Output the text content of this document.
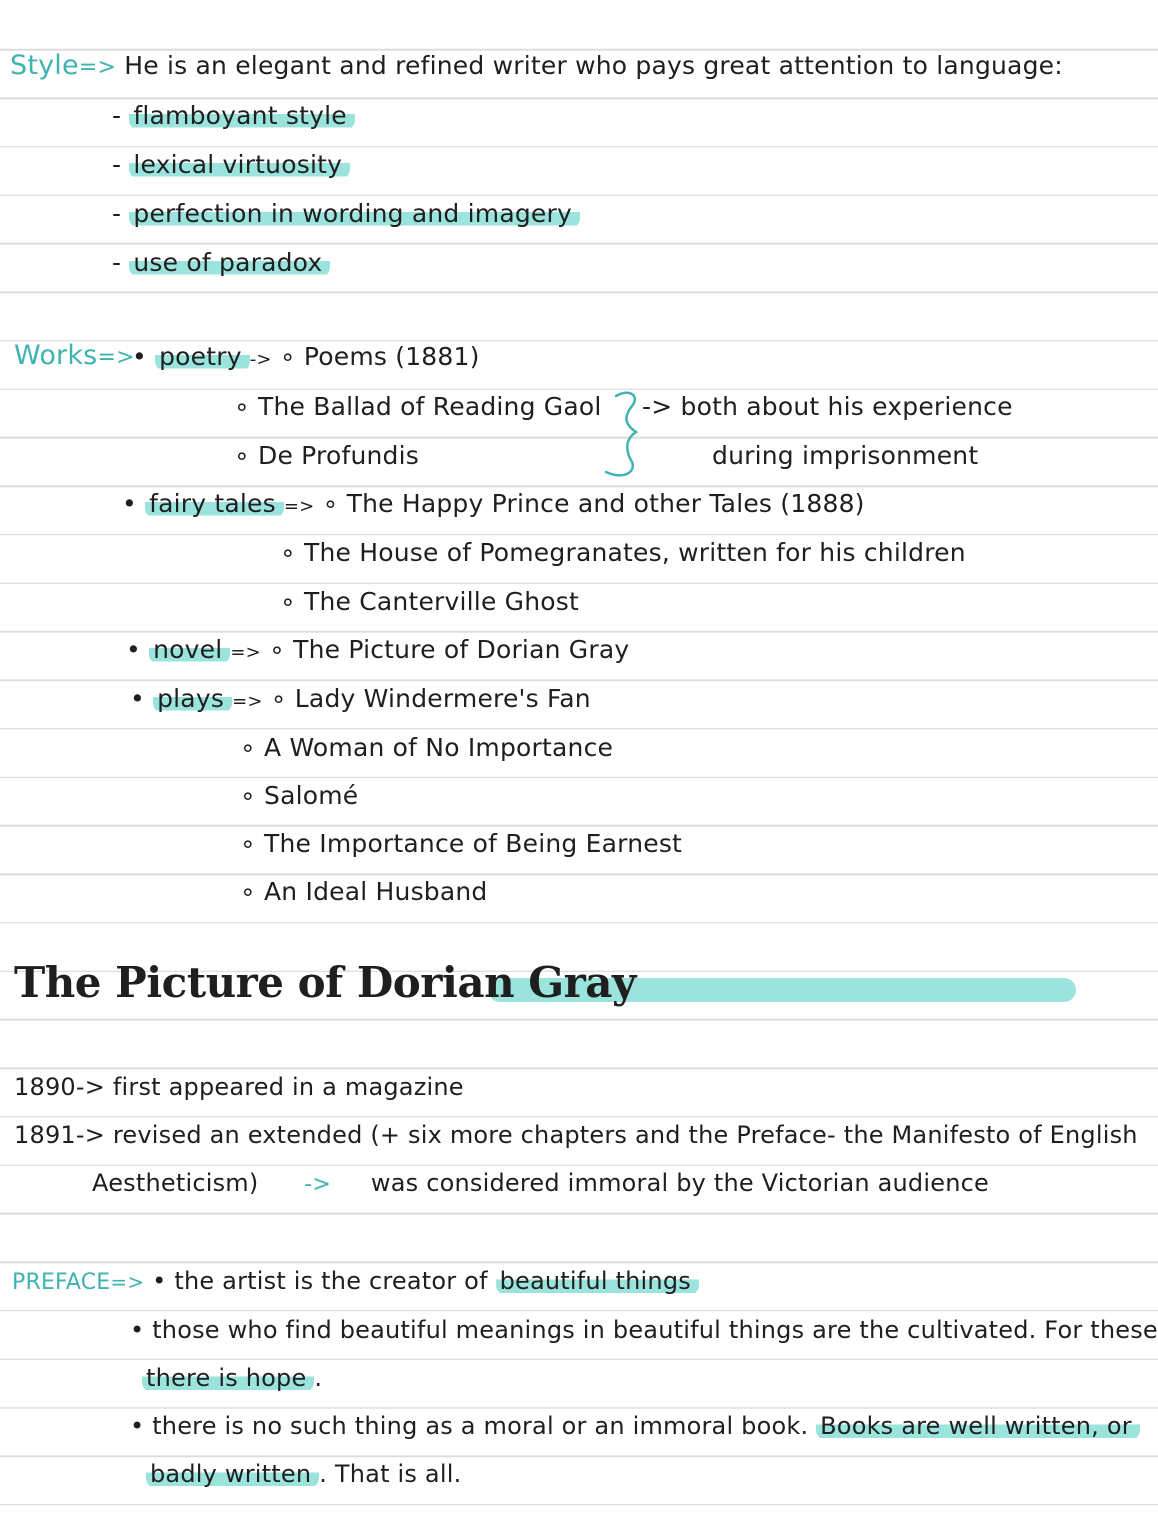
Style=> He is an elegant and refined writer who pays great attention to language:
- flamboyant style
- lexical virtuosity
- perfection in wording and imagery
- use of paradox
Works=>
• poetry -> ∘ Poems (1881)
∘ The Ballad of Reading Gaol
∘ De Profundis
-> both about his experience
during imprisonment
• fairy tales => ∘ The Happy Prince and other Tales (1888)
∘ The House of Pomegranates, written for his children
∘ The Canterville Ghost
• novel => ∘ The Picture of Dorian Gray
• plays => ∘ Lady Windermere's Fan
∘ A Woman of No Importance
∘ Salomé
∘ The Importance of Being Earnest
∘ An Ideal Husband
The Picture of Dorian Gray
1890-> first appeared in a magazine
1891-> revised an extended (+ six more chapters and the Preface- the Manifesto of English
Aestheticism) -> was considered immoral by the Victorian audience
PREFACE=> • the artist is the creator of beautiful things
• those who find beautiful meanings in beautiful things are the cultivated. For these
there is hope .
• there is no such thing as a moral or an immoral book. Books are well written, or
badly written . That is all.
